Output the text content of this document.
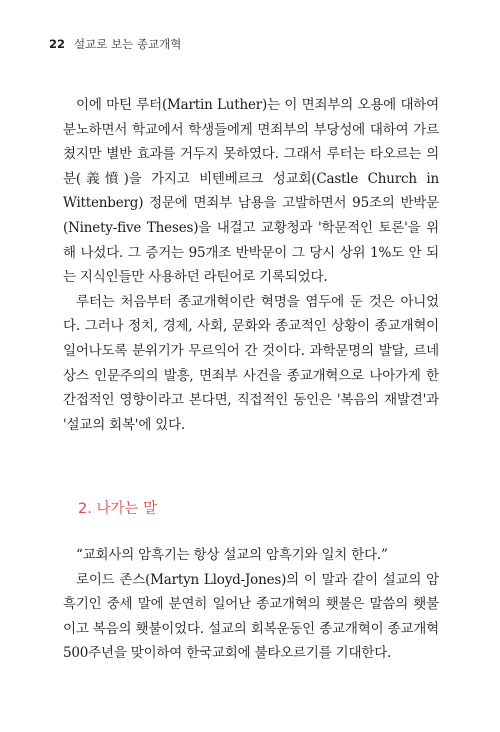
22 설교로 보는 종교개혁

이에 마틴 루터(Martin Luther)는 이 면죄부의 오용에 대하여 분노하면서 학교에서 학생들에게 면죄부의 부당성에 대하여 가르쳤지만 별반 효과를 거두지 못하였다. 그래서 루터는 타오르는 의분(義憤)을 가지고 비텐베르크 성교회(Castle Church in Wittenberg) 정문에 면죄부 남용을 고발하면서 95조의 반박문(Ninety-five Theses)을 내걸고 교황청과 '학문적인 토론'을 위해 나섰다. 그 증거는 95개조 반박문이 그 당시 상위 1%도 안 되는 지식인들만 사용하던 라틴어로 기록되었다.

루터는 처음부터 종교개혁이란 혁명을 염두에 둔 것은 아니었다. 그러나 정치, 경제, 사회, 문화와 종교적인 상황이 종교개혁이 일어나도록 분위기가 무르익어 간 것이다. 과학문명의 발달, 르네상스 인문주의의 발흥, 면죄부 사건을 종교개혁으로 나아가게 한 간접적인 영향이라고 본다면, 직접적인 동인은 '복음의 재발견'과 '설교의 회복'에 있다.

2. 나가는 말

“교회사의 암흑기는 항상 설교의 암흑기와 일치 한다.”

로이드 존스(Martyn Lloyd-Jones)의 이 말과 같이 설교의 암흑기인 중세 말에 분연히 일어난 종교개혁의 횃불은 말씀의 횃불이고 복음의 횃불이었다. 설교의 회복운동인 종교개혁이 종교개혁 500주년을 맞이하여 한국교회에 불타오르기를 기대한다.
